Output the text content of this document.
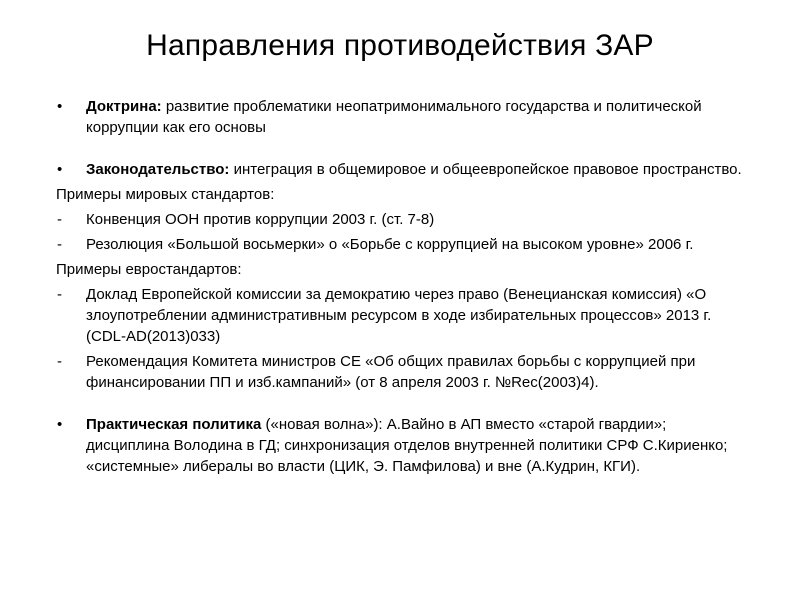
Направления противодействия ЗАР
• Доктрина: развитие проблематики неопатримонимального государства и политической коррупции как его основы
• Законодательство: интеграция в общемировое и общеевропейское правовое пространство.
Примеры мировых стандартов:
- Конвенция ООН против коррупции 2003 г. (ст. 7-8)
- Резолюция «Большой восьмерки» о «Борьбе с коррупцией на высоком уровне» 2006 г.
Примеры евростандартов:
- Доклад Европейской комиссии за демократию через право (Венецианская комиссия) «О злоупотреблении административным ресурсом в ходе избирательных процессов» 2013 г. (CDL-AD(2013)033)
- Рекомендация Комитета министров СЕ «Об общих правилах борьбы с коррупцией при финансировании ПП и изб.кампаний» (от 8 апреля 2003 г. №Rec(2003)4).
• Практическая политика («новая волна»): А.Вайно в АП вместо «старой гвардии»; дисциплина Володина в ГД; синхронизация отделов внутренней политики СРФ С.Кириенко; «системные» либералы во власти (ЦИК, Э. Памфилова) и вне (А.Кудрин, КГИ).
